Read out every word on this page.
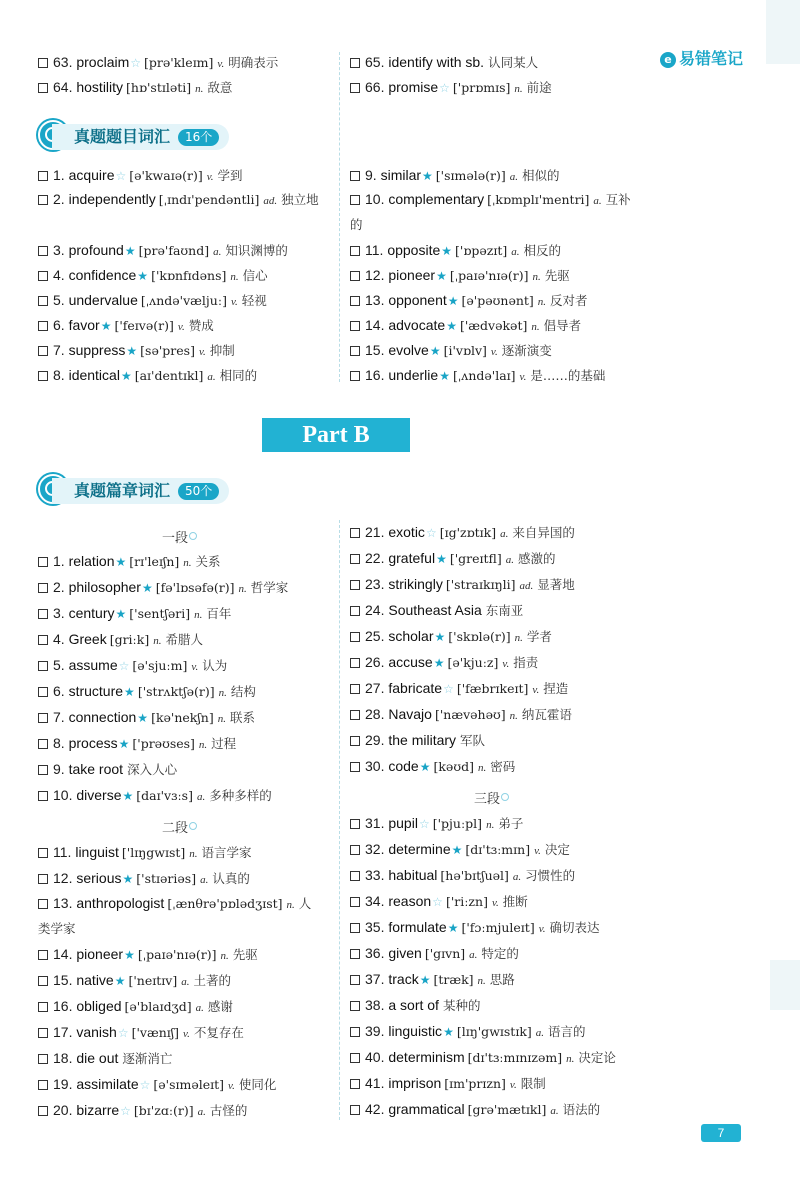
e 易错笔记
63. proclaim☆ [prə'kleɪm] v. 明确表示
64. hostility [hɒ'stɪləti] n. 敌意
65. identify with sb. 认同某人
66. promise☆ ['prɒmɪs] n. 前途
真题题目词汇	16个
1. acquire☆ [ə'kwaɪə(r)] v. 学到
2. independently [ˌɪndɪ'pendəntli] ad. 独立地
3. profound★ [prə'faʊnd] a. 知识渊博的
4. confidence★ ['kɒnfɪdəns] n. 信心
5. undervalue [ˌʌndə'væljuː] v. 轻视
6. favor★ ['feɪvə(r)] v. 赞成
7. suppress★ [sə'pres] v. 抑制
8. identical★ [aɪ'dentɪkl] a. 相同的
9. similar★ ['sɪmələ(r)] a. 相似的
10. complementary [ˌkɒmplɪ'mentri] a. 互补的
11. opposite★ ['ɒpəzɪt] a. 相反的
12. pioneer★ [ˌpaɪə'nɪə(r)] n. 先驱
13. opponent★ [ə'pəʊnənt] n. 反对者
14. advocate★ ['ædvəkət] n. 倡导者
15. evolve★ [i'vɒlv] v. 逐渐演变
16. underlie★ [ˌʌndə'laɪ] v. 是……的基础
Part B
真题篇章词汇	50个
一段
1. relation★ [rɪ'leɪʃn] n. 关系
2. philosopher★ [fə'lɒsəfə(r)] n. 哲学家
3. century★ ['sentʃəri] n. 百年
4. Greek [griːk] n. 希腊人
5. assume☆ [ə'sjuːm] v. 认为
6. structure★ ['strʌktʃə(r)] n. 结构
7. connection★ [kə'nekʃn] n. 联系
8. process★ ['prəʊses] n. 过程
9. take root 深入人心
10. diverse★ [daɪ'vɜːs] a. 多种多样的
二段
11. linguist ['lɪŋgwɪst] n. 语言学家
12. serious★ ['stɪəriəs] a. 认真的
13. anthropologist [ˌænθrə'pɒlədʒɪst] n. 人类学家
14. pioneer★ [ˌpaɪə'nɪə(r)] n. 先驱
15. native★ ['neɪtɪv] a. 土著的
16. obliged [ə'blaɪdʒd] a. 感谢
17. vanish☆ ['vænɪʃ] v. 不复存在
18. die out 逐渐消亡
19. assimilate☆ [ə'sɪməleɪt] v. 使同化
20. bizarre☆ [bɪ'zɑː(r)] a. 古怪的
21. exotic☆ [ɪg'zɒtɪk] a. 来自异国的
22. grateful★ ['greɪtfl] a. 感激的
23. strikingly ['straɪkɪŋli] ad. 显著地
24. Southeast Asia 东南亚
25. scholar★ ['skɒlə(r)] n. 学者
26. accuse★ [ə'kjuːz] v. 指责
27. fabricate☆ ['fæbrɪkeɪt] v. 捏造
28. Navajo ['nævəhəʊ] n. 纳瓦霍语
29. the military 军队
30. code★ [kəʊd] n. 密码
三段
31. pupil☆ ['pjuːpl] n. 弟子
32. determine★ [dɪ'tɜːmɪn] v. 决定
33. habitual [hə'bɪtʃuəl] a. 习惯性的
34. reason☆ ['riːzn] v. 推断
35. formulate★ ['fɔːmjuleɪt] v. 确切表达
36. given ['gɪvn] a. 特定的
37. track★ [træk] n. 思路
38. a sort of 某种的
39. linguistic★ [lɪŋ'gwɪstɪk] a. 语言的
40. determinism [dɪ'tɜːmɪnɪzəm] n. 决定论
41. imprison [ɪm'prɪzn] v. 限制
42. grammatical [grə'mætɪkl] a. 语法的
7
